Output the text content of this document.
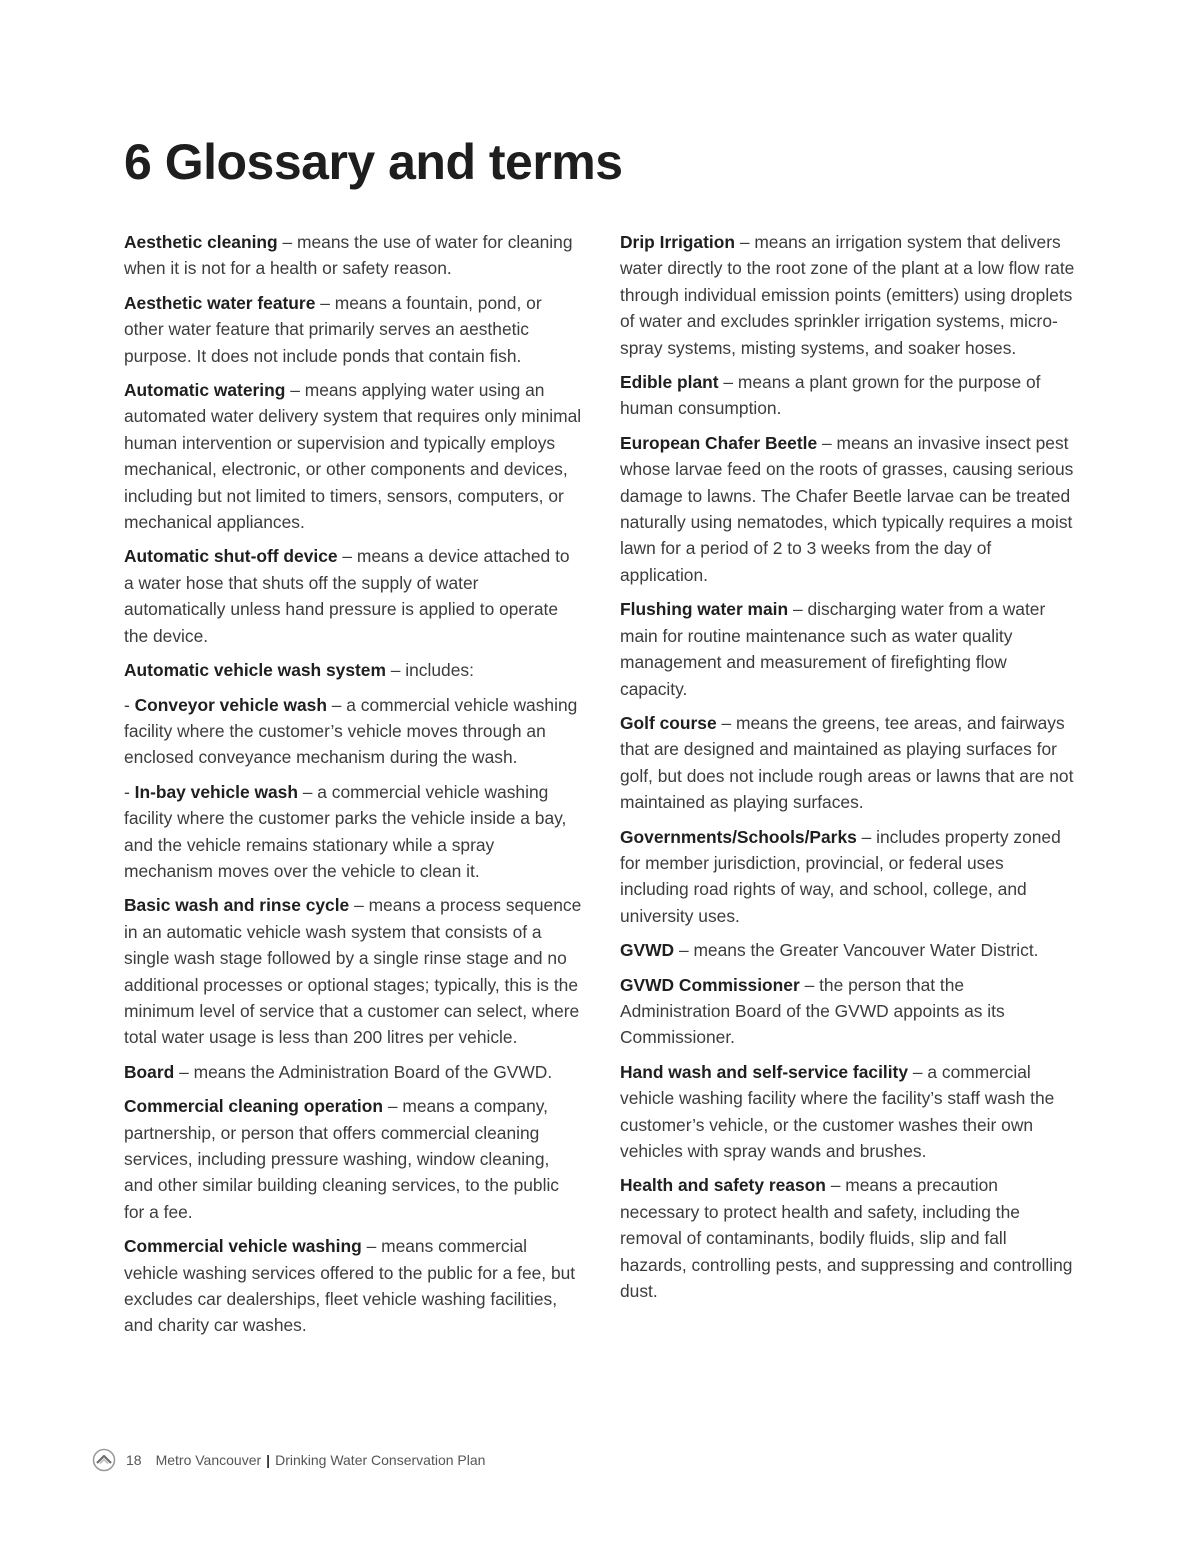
6 Glossary and terms

Aesthetic cleaning – means the use of water for cleaning when it is not for a health or safety reason.

Aesthetic water feature – means a fountain, pond, or other water feature that primarily serves an aesthetic purpose. It does not include ponds that contain fish.

Automatic watering – means applying water using an automated water delivery system that requires only minimal human intervention or supervision and typically employs mechanical, electronic, or other components and devices, including but not limited to timers, sensors, computers, or mechanical appliances.

Automatic shut-off device – means a device attached to a water hose that shuts off the supply of water automatically unless hand pressure is applied to operate the device.

Automatic vehicle wash system – includes:

- Conveyor vehicle wash – a commercial vehicle washing facility where the customer’s vehicle moves through an enclosed conveyance mechanism during the wash.

- In-bay vehicle wash – a commercial vehicle washing facility where the customer parks the vehicle inside a bay, and the vehicle remains stationary while a spray mechanism moves over the vehicle to clean it.

Basic wash and rinse cycle – means a process sequence in an automatic vehicle wash system that consists of a single wash stage followed by a single rinse stage and no additional processes or optional stages; typically, this is the minimum level of service that a customer can select, where total water usage is less than 200 litres per vehicle.

Board – means the Administration Board of the GVWD.

Commercial cleaning operation – means a company, partnership, or person that offers commercial cleaning services, including pressure washing, window cleaning, and other similar building cleaning services, to the public for a fee.

Commercial vehicle washing – means commercial vehicle washing services offered to the public for a fee, but excludes car dealerships, fleet vehicle washing facilities, and charity car washes.

Drip Irrigation – means an irrigation system that delivers water directly to the root zone of the plant at a low flow rate through individual emission points (emitters) using droplets of water and excludes sprinkler irrigation systems, micro-spray systems, misting systems, and soaker hoses.

Edible plant – means a plant grown for the purpose of human consumption.

European Chafer Beetle – means an invasive insect pest whose larvae feed on the roots of grasses, causing serious damage to lawns. The Chafer Beetle larvae can be treated naturally using nematodes, which typically requires a moist lawn for a period of 2 to 3 weeks from the day of application.

Flushing water main – discharging water from a water main for routine maintenance such as water quality management and measurement of firefighting flow capacity.

Golf course – means the greens, tee areas, and fairways that are designed and maintained as playing surfaces for golf, but does not include rough areas or lawns that are not maintained as playing surfaces.

Governments/Schools/Parks – includes property zoned for member jurisdiction, provincial, or federal uses including road rights of way, and school, college, and university uses.

GVWD – means the Greater Vancouver Water District.

GVWD Commissioner – the person that the Administration Board of the GVWD appoints as its Commissioner.

Hand wash and self-service facility – a commercial vehicle washing facility where the facility’s staff wash the customer’s vehicle, or the customer washes their own vehicles with spray wands and brushes.

Health and safety reason – means a precaution necessary to protect health and safety, including the removal of contaminants, bodily fluids, slip and fall hazards, controlling pests, and suppressing and controlling dust.

18 Metro Vancouver | Drinking Water Conservation Plan
